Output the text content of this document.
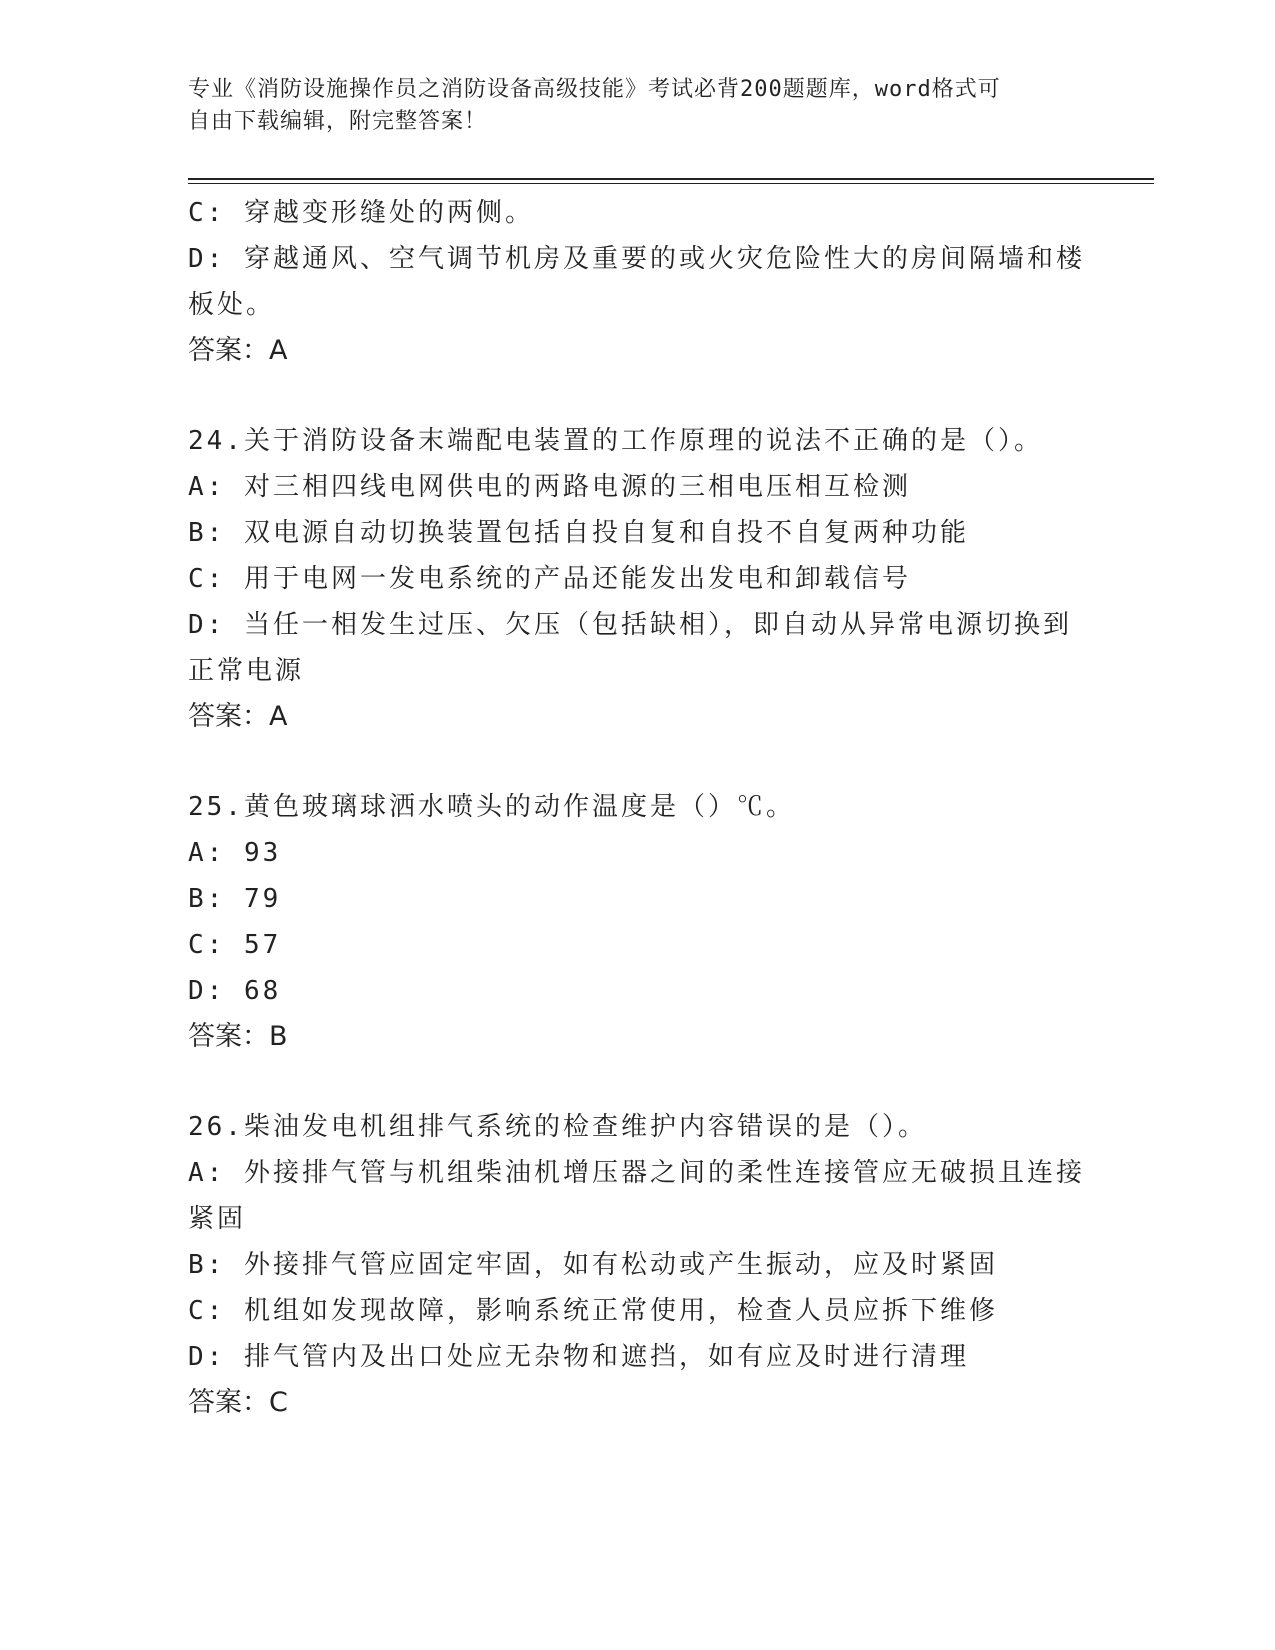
专业《消防设施操作员之消防设备高级技能》考试必背200题题库，word格式可
自由下载编辑，附完整答案！

C: 穿越变形缝处的两侧。

D: 穿越通风、空气调节机房及重要的或火灾危险性大的房间隔墙和楼

板处。

答案：A

24.关于消防设备末端配电装置的工作原理的说法不正确的是（）。

A: 对三相四线电网供电的两路电源的三相电压相互检测

B: 双电源自动切换装置包括自投自复和自投不自复两种功能

C: 用于电网一发电系统的产品还能发出发电和卸载信号

D: 当任一相发生过压、欠压（包括缺相），即自动从异常电源切换到

正常电源

答案：A

25.黄色玻璃球洒水喷头的动作温度是（）℃。

A: 93

B: 79

C: 57

D: 68

答案：B

26.柴油发电机组排气系统的检查维护内容错误的是（）。

A: 外接排气管与机组柴油机增压器之间的柔性连接管应无破损且连接

紧固

B: 外接排气管应固定牢固，如有松动或产生振动，应及时紧固

C: 机组如发现故障，影响系统正常使用，检查人员应拆下维修

D: 排气管内及出口处应无杂物和遮挡，如有应及时进行清理

答案：C
